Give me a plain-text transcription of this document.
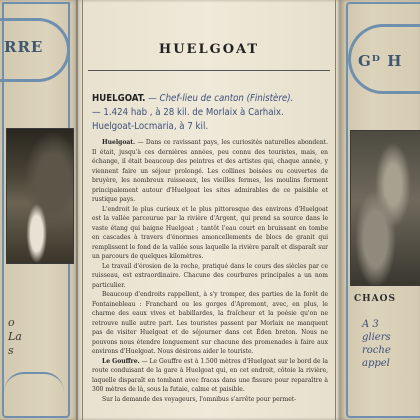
RRE
o
La
s
HUELGOAT
HUELGOAT. — Chef-lieu de canton (Finistère).
— 1.424 hab , à 28 kil. de Morlaix à Carhaix.
Huelgoat-Locmaria, à 7 kil.

Huelgoat. — Dans ce ravissant pays, les curiosités naturelles abondent. Il était, jusqu'à ces dernières années, peu connu des touristes, mais, en échange, il était beaucoup des peintres et des artistes qui, chaque année, y viennent faire un séjour prolongé. Les collines boisées ou couvertes de bruyère, les nombreux ruisseaux, les vieilles fermes, les moulins forment principalement autour d'Huelgoat les sites admirables de ce paisible et rustique pays.

L'endroit le plus curieux et le plus pittoresque des environs d'Huelgoat est la vallée parcourue par la rivière d'Argent, qui prend sa source dans le vaste étang qui baigne Huelgoat ; tantôt l'eau court en bruissant en tombe en cascades à travers d'énormes amoncellements de blocs de granit qui remplissent le fond de la vallée sous laquelle la rivière paraît et disparaît sur un parcours de quelques kilomètres.

Le travail d'érosion de la roche, pratiqué dans le cours des siècles par ce ruisseau, est extraordinaire. Chacune des courbures principales a un nom particulier.

Beaucoup d'endroits rappellent, à s'y tromper, des parties de la forêt de Fontainebleau : Franchard ou les gorges d'Apremont, avec, en plus, le charme des eaux vives et babillardes, la fraîcheur et la poésie qu'on ne retrouve nulle autre part. Les touristes passent par Morlaix ne manquent pas de visiter Huelgoat et de séjourner dans cet Éden breton. Nous ne pouvons nous étendre longuement sur chacune des promenades à faire aux environs d'Huelgoat. Nous désirons aider le touriste.

Le Gouffre. — Le Gouffre est à 1.500 mètres d'Huelgoat sur le bord de la route conduisant de la gare à Huelgoat qui, en cet endroit, côtoie la rivière, laquelle disparaît en tombant avec fracas dans une fissure pour reparaître à 300 mètres de là, sous la futaie, calme et paisible.

Sur la demande des voyageurs, l'omnibus s'arrête pour permet-

Gᴰ H
CHAOS
A 3
gliers
roche
appel
